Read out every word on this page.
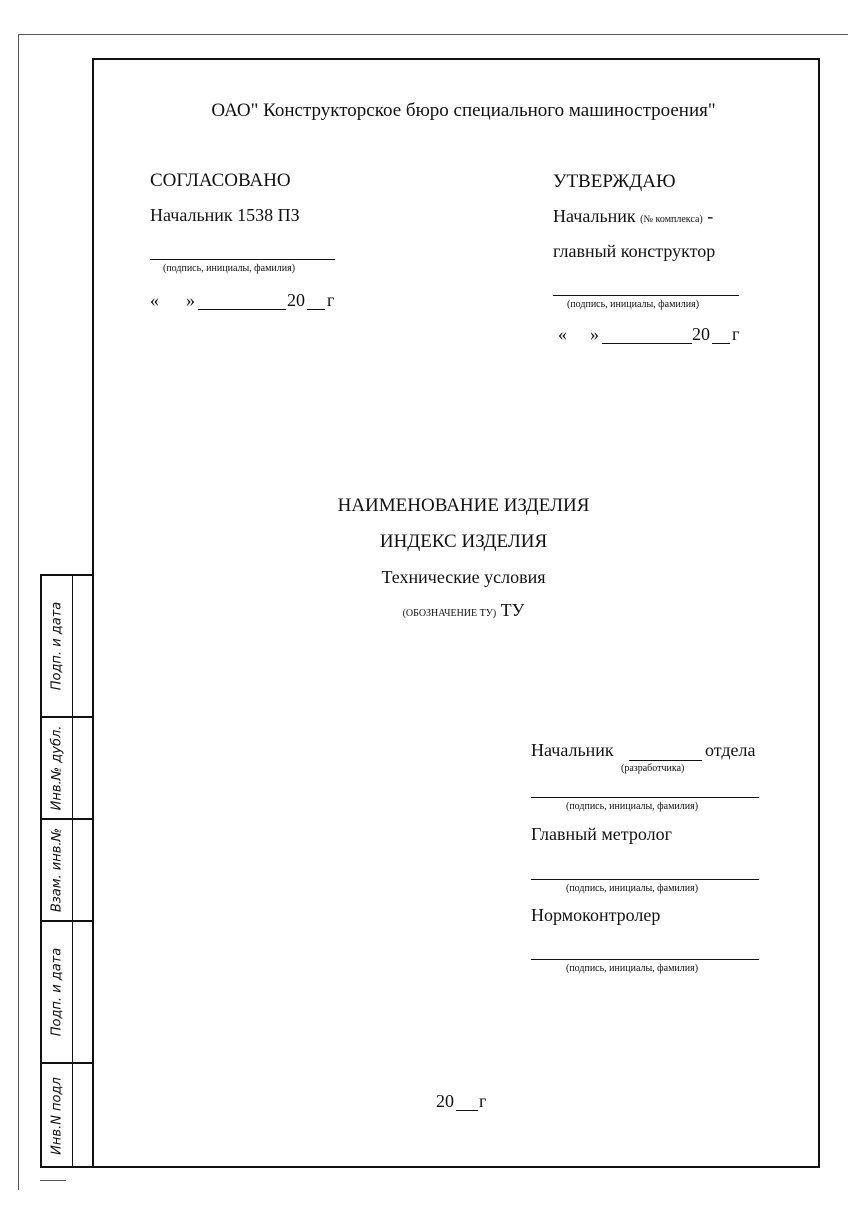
ОАО" Конструкторское бюро специального машиностроения"
СОГЛАСОВАНО
Начальник 1538 ПЗ
(подпись, инициалы, фамилия)
« »	20 г
УТВЕРЖДАЮ
Начальник (№ комплекса) -
главный конструктор
(подпись, инициалы, фамилия)
« »	20 г
НАИМЕНОВАНИЕ ИЗДЕЛИЯ
ИНДЕКС ИЗДЕЛИЯ
Технические условия
(ОБОЗНАЧЕНИЕ ТУ) ТУ
Начальник	отдела
(разработчика)
(подпись, инициалы, фамилия)
Главный метролог
(подпись, инициалы, фамилия)
Нормоконтролер
(подпись, инициалы, фамилия)
20 г
Подп. и дата
Инв.№ дубл.
Взам. инв.№
Подп. и дата
Инв.N подл
